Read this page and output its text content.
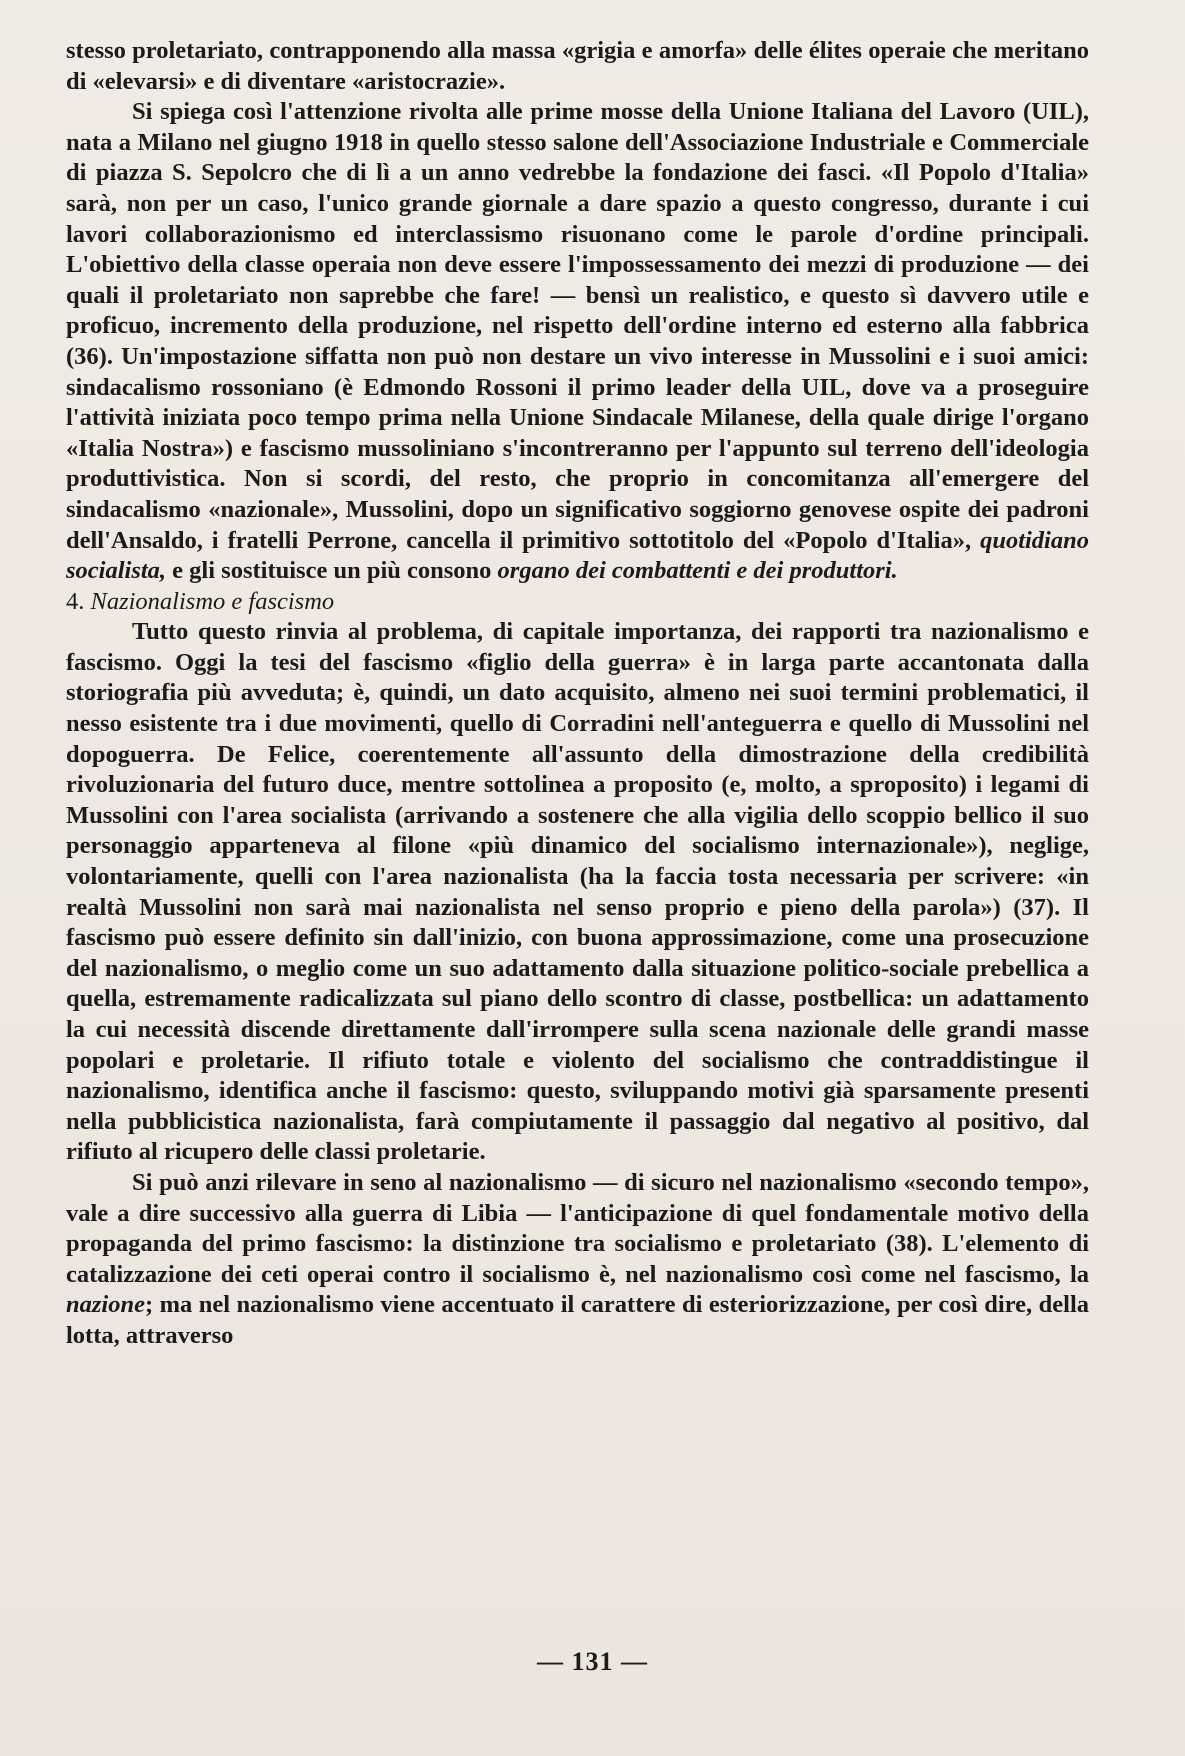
stesso proletariato, contrapponendo alla massa «grigia e amorfa» delle élites operaie che meritano di «elevarsi» e di diventare «aristocrazie».

Si spiega così l'attenzione rivolta alle prime mosse della Unione Italiana del Lavoro (UIL), nata a Milano nel giugno 1918 in quello stesso salone dell'Associazione Industriale e Commerciale di piazza S. Sepolcro che di lì a un anno vedrebbe la fondazione dei fasci. «Il Popolo d'Italia» sarà, non per un caso, l'unico grande giornale a dare spazio a questo congresso, durante i cui lavori collaborazionismo ed interclassismo risuonano come le parole d'ordine principali. L'obiettivo della classe operaia non deve essere l'impossessamento dei mezzi di produzione — dei quali il proletariato non saprebbe che fare! — bensì un realistico, e questo sì davvero utile e proficuo, incremento della produzione, nel rispetto dell'ordine interno ed esterno alla fabbrica (36). Un'impostazione siffatta non può non destare un vivo interesse in Mussolini e i suoi amici: sindacalismo rossoniano (è Edmondo Rossoni il primo leader della UIL, dove va a proseguire l'attività iniziata poco tempo prima nella Unione Sindacale Milanese, della quale dirige l'organo «Italia Nostra») e fascismo mussoliniano s'incontreranno per l'appunto sul terreno dell'ideologia produttivistica. Non si scordi, del resto, che proprio in concomitanza all'emergere del sindacalismo «nazionale», Mussolini, dopo un significativo soggiorno genovese ospite dei padroni dell'Ansaldo, i fratelli Perrone, cancella il primitivo sottotitolo del «Popolo d'Italia», quotidiano socialista, e gli sostituisce un più consono organo dei combattenti e dei produttori.

4. Nazionalismo e fascismo

Tutto questo rinvia al problema, di capitale importanza, dei rapporti tra nazionalismo e fascismo. Oggi la tesi del fascismo «figlio della guerra» è in larga parte accantonata dalla storiografia più avveduta; è, quindi, un dato acquisito, almeno nei suoi termini problematici, il nesso esistente tra i due movimenti, quello di Corradini nell'anteguerra e quello di Mussolini nel dopoguerra. De Felice, coerentemente all'assunto della dimostrazione della credibilità rivoluzionaria del futuro duce, mentre sottolinea a proposito (e, molto, a sproposito) i legami di Mussolini con l'area socialista (arrivando a sostenere che alla vigilia dello scoppio bellico il suo personaggio apparteneva al filone «più dinamico del socialismo internazionale»), neglige, volontariamente, quelli con l'area nazionalista (ha la faccia tosta necessaria per scrivere: «in realtà Mussolini non sarà mai nazionalista nel senso proprio e pieno della parola») (37). Il fascismo può essere definito sin dall'inizio, con buona approssimazione, come una prosecuzione del nazionalismo, o meglio come un suo adattamento dalla situazione politico-sociale prebellica a quella, estremamente radicalizzata sul piano dello scontro di classe, postbellica: un adattamento la cui necessità discende direttamente dall'irrompere sulla scena nazionale delle grandi masse popolari e proletarie. Il rifiuto totale e violento del socialismo che contraddistingue il nazionalismo, identifica anche il fascismo: questo, sviluppando motivi già sparsamente presenti nella pubblicistica nazionalista, farà compiutamente il passaggio dal negativo al positivo, dal rifiuto al ricupero delle classi proletarie.

Si può anzi rilevare in seno al nazionalismo — di sicuro nel nazionalismo «secondo tempo», vale a dire successivo alla guerra di Libia — l'anticipazione di quel fondamentale motivo della propaganda del primo fascismo: la distinzione tra socialismo e proletariato (38). L'elemento di catalizzazione dei ceti operai contro il socialismo è, nel nazionalismo così come nel fascismo, la nazione; ma nel nazionalismo viene accentuato il carattere di esteriorizzazione, per così dire, della lotta, attraverso

— 131 —
